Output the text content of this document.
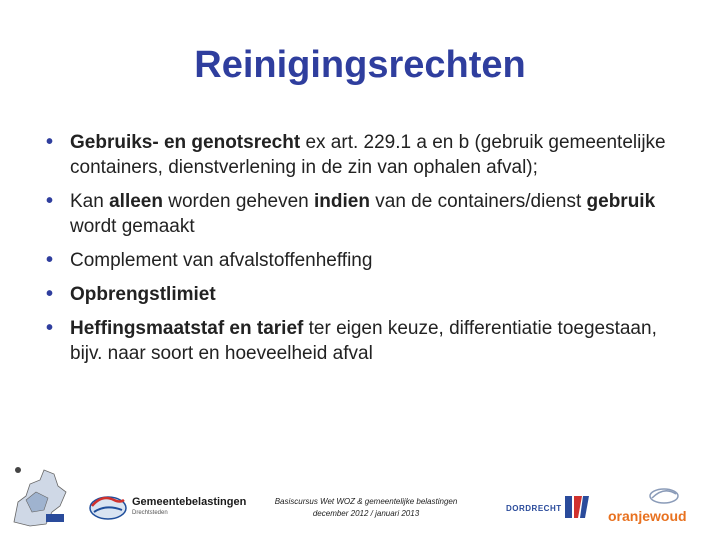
Reinigingsrechten
• Gebruiks- en genotsrecht ex art. 229.1 a en b (gebruik gemeentelijke containers, dienstverlening in de zin van ophalen afval);
• Kan alleen worden geheven indien van de containers/dienst gebruik wordt gemaakt
• Complement van afvalstoffenheffing
• Opbrengstlimiet
• Heffingsmaatstaf en tarief ter eigen keuze, differentiatie toegestaan, bijv. naar soort en hoeveelheid afval
Gemeentebelastingen
Drechtsteden
Basiscursus Wet WOZ & gemeentelijke belastingen
december 2012 / januari 2013
DORDRECHT	oranjewoud
